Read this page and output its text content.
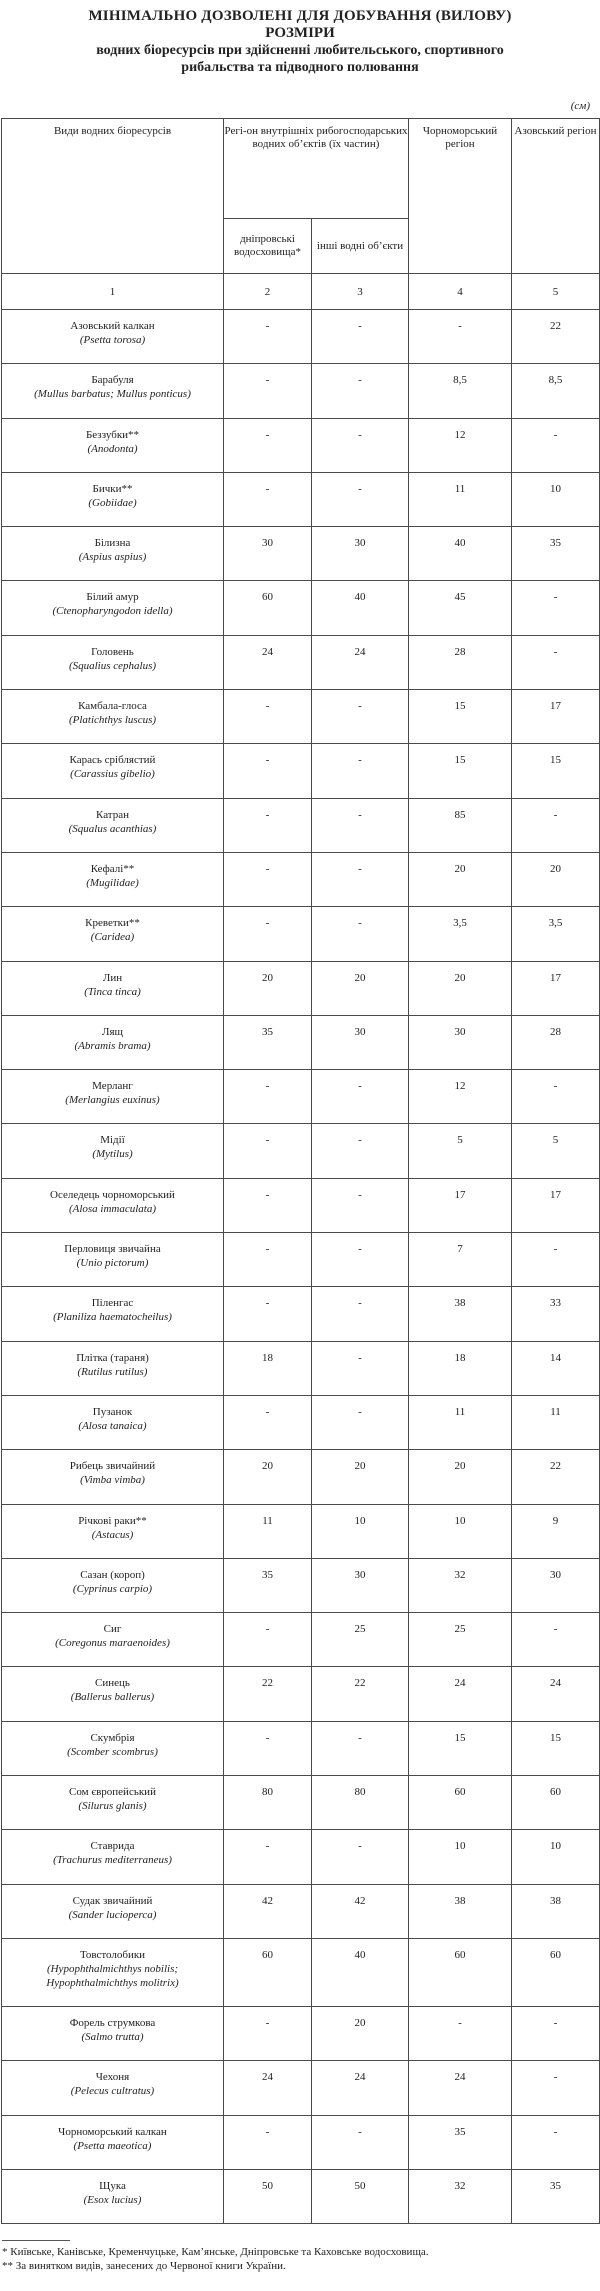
МІНІМАЛЬНО ДОЗВОЛЕНІ ДЛЯ ДОБУВАННЯ (ВИЛОВУ)
РОЗМІРИ
водних біоресурсів при здійсненні любительського, спортивного
рибальства та підводного полювання
(см)
Види водних біоресурсів	Регі-он внутрішніх рибогосподарських водних об’єктів (їх частин)		Чорноморський регіон	Азовський регіон
	дніпровські водосховища*	інші водні об’єкти		
1	2	3	4	5

Азовський калкан
(Psetta torosa)	-	-	-	22

Барабуля
(Mullus barbatus; Mullus ponticus)	-	-	8,5	8,5

Беззубки**
(Anodonta)	-	-	12	-

Бички**
(Gobiidae)	-	-	11	10

Білизна
(Aspius aspius)	30	30	40	35

Білий амур
(Ctenopharyngodon idella)	60	40	45	-

Головень
(Squalius cephalus)	24	24	28	-

Камбала-глоса
(Platichthys luscus)	-	-	15	17

Карась сріблястий
(Carassius gibelio)	-	-	15	15

Катран
(Squalus acanthias)	-	-	85	-

Кефалі**
(Mugilidae)	-	-	20	20

Креветки**
(Caridea)	-	-	3,5	3,5

Лин
(Tinca tinca)	20	20	20	17

Лящ
(Abramis brama)	35	30	30	28

Мерланг
(Merlangius euxinus)	-	-	12	-

Мідії
(Mytilus)	-	-	5	5

Оселедець чорноморський
(Alosa immaculata)	-	-	17	17

Перловиця звичайна
(Unio pictorum)	-	-	7	-

Піленгас
(Planiliza haematocheilus)	-	-	38	33

Плітка (тараня)
(Rutilus rutilus)	18	-	18	14

Пузанок
(Alosa tanaica)	-	-	11	11

Рибець звичайний
(Vimba vimba)	20	20	20	22

Річкові раки**
(Astacus)	11	10	10	9

Сазан (короп)
(Cyprinus carpio)	35	30	32	30

Сиг
(Coregonus maraenoides)	-	25	25	-

Синець
(Ballerus ballerus)	22	22	24	24

Скумбрія
(Scomber scombrus)	-	-	15	15

Сом європейський
(Silurus glanis)	80	80	60	60

Ставрида
(Trachurus mediterraneus)	-	-	10	10

Судак звичайний
(Sander lucioperca)	42	42	38	38

Товстолобики
(Hypophthalmichthys nobilis; Hypophthalmichthys molitrix)	60	40	60	60

Форель струмкова
(Salmo trutta)	-	20	-	-

Чехоня
(Pelecus cultratus)	24	24	24	-

Чорноморський калкан
(Psetta maeotica)	-	-	35	-

Щука
(Esox lucius)	50	50	32	35
* Київське, Канівське, Кременчуцьке, Кам’янське, Дніпровське та Каховське водосховища.
** За винятком видів, занесених до Червоної книги України.
